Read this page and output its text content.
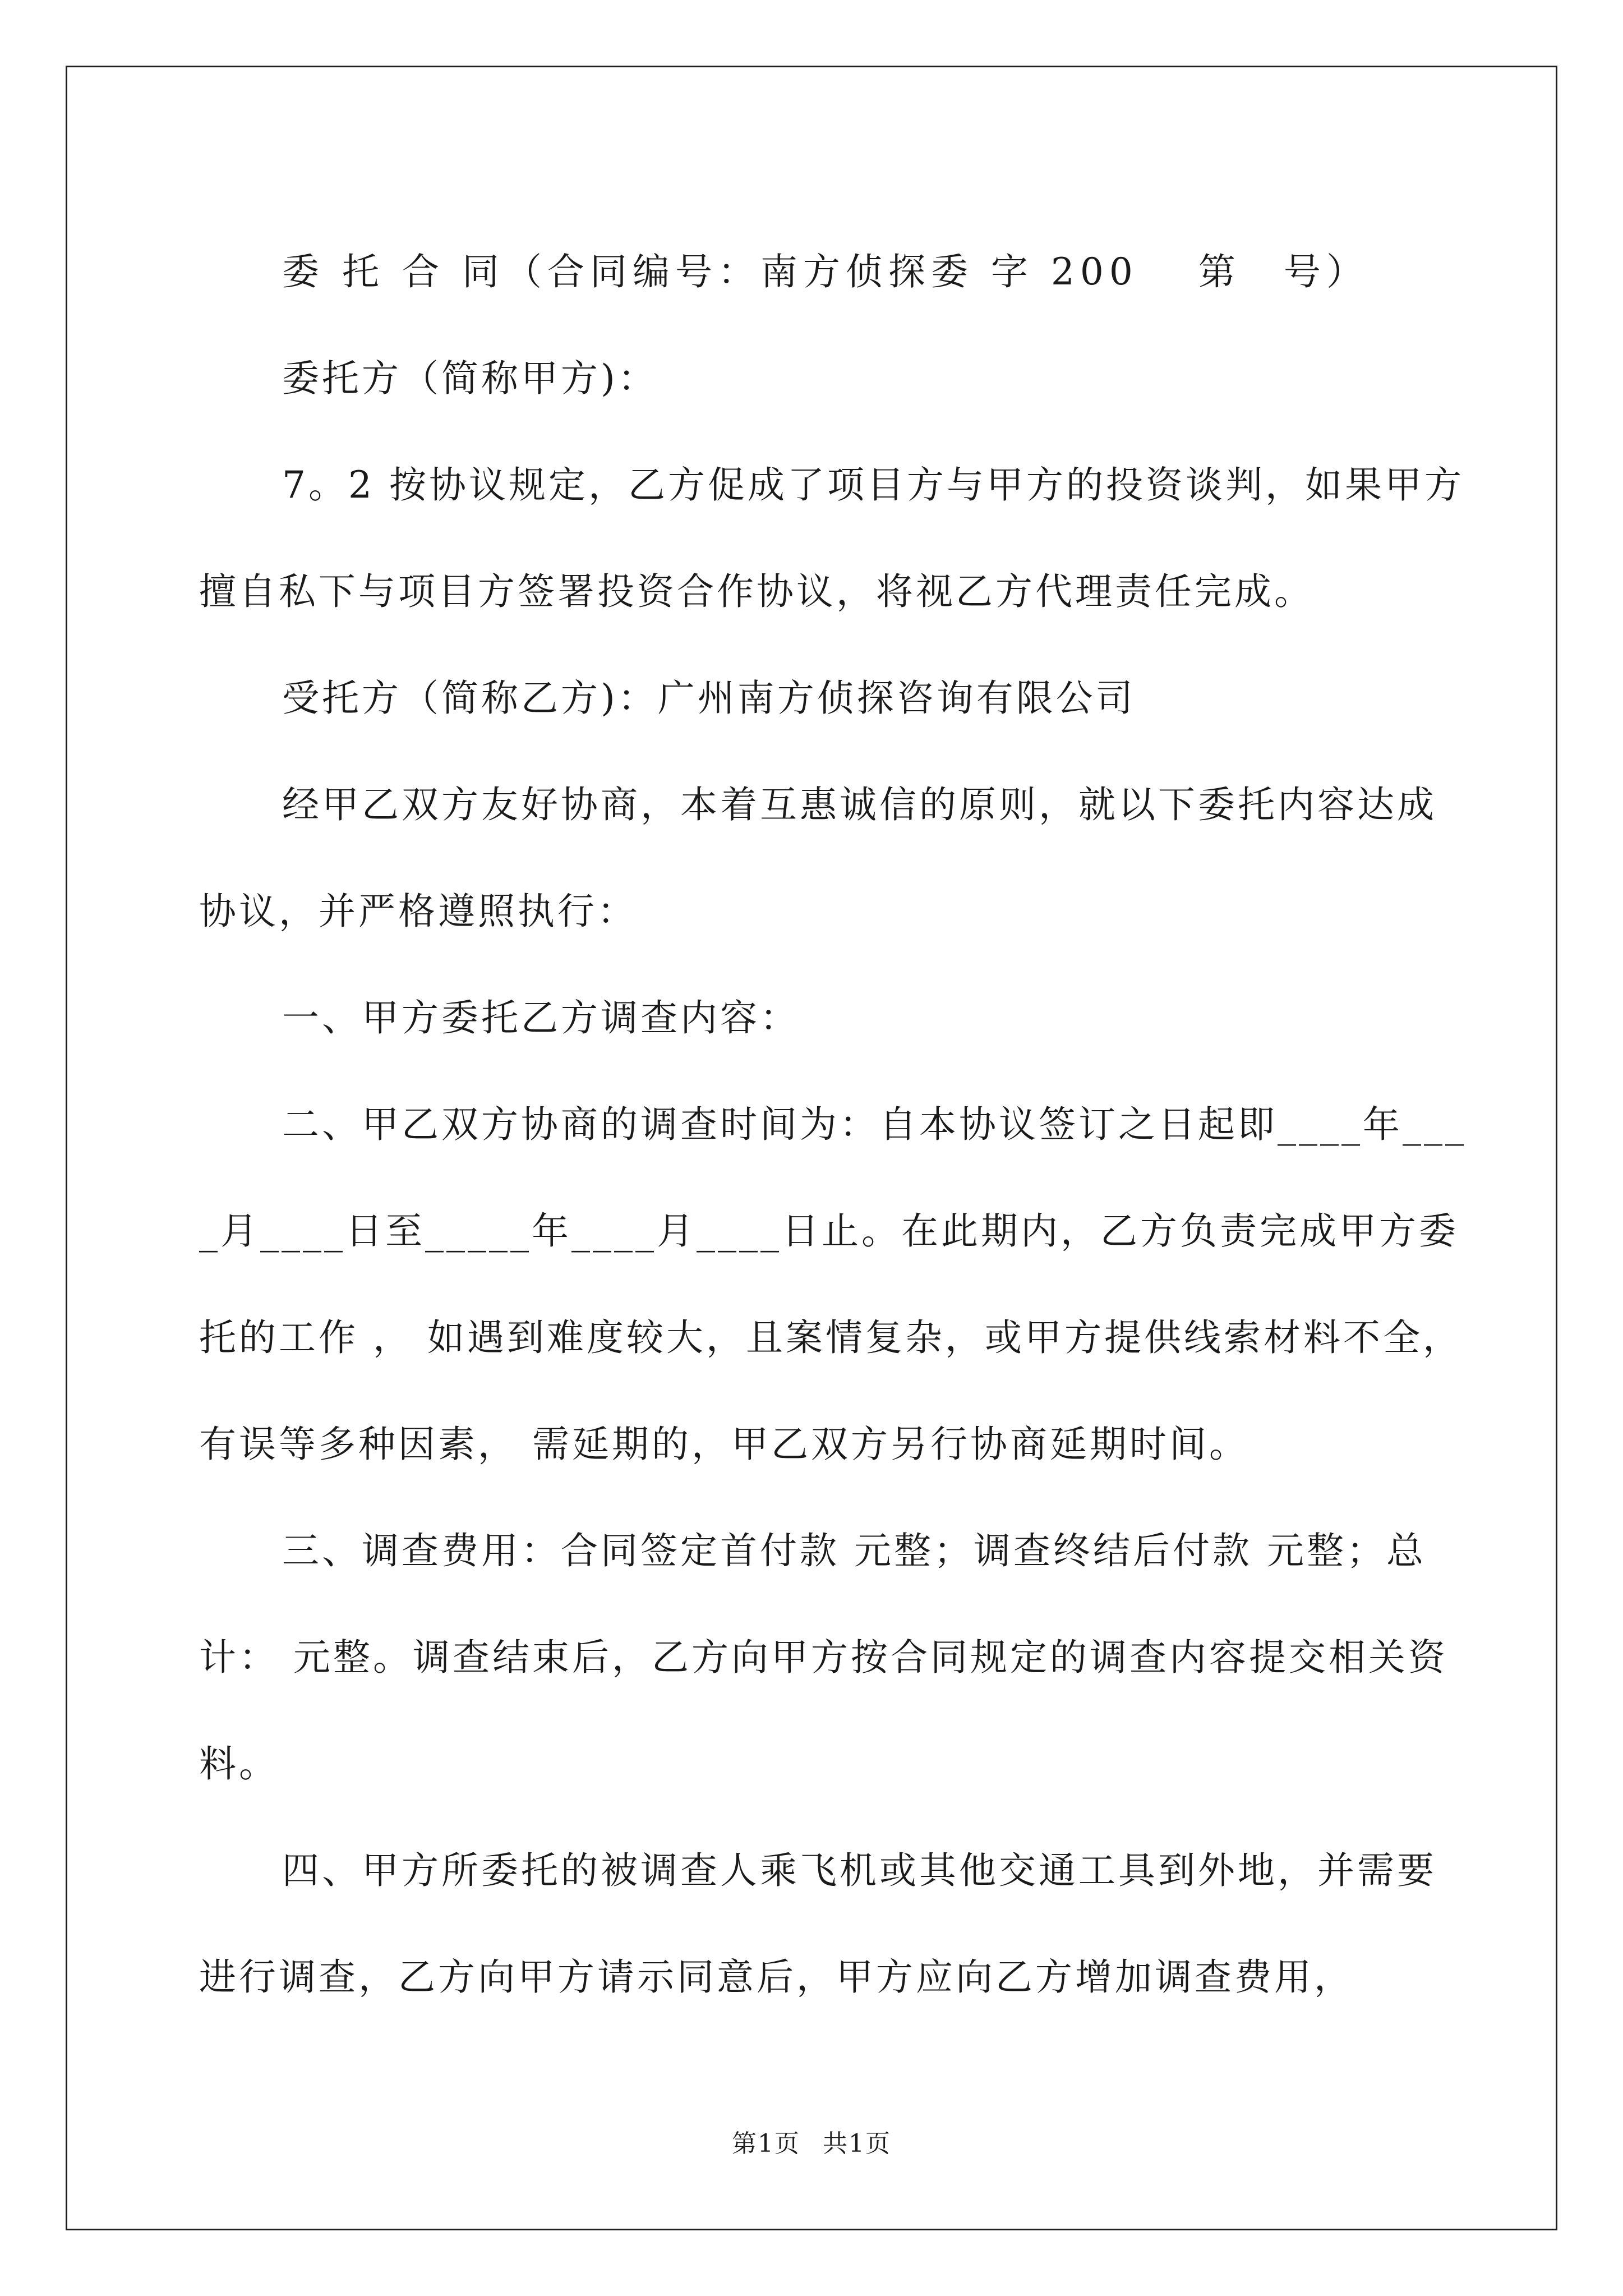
委 托 合 同（合同编号：南方侦探委 字 200　 第　号）

委托方（简称甲方)：

7。2 按协议规定，乙方促成了项目方与甲方的投资谈判，如果甲方擅自私下与项目方签署投资合作协议，将视乙方代理责任完成。

受托方（简称乙方)：广州南方侦探咨询有限公司

经甲乙双方友好协商，本着互惠诚信的原则，就以下委托内容达成协议，并严格遵照执行：

一、甲方委托乙方调查内容：

二、甲乙双方协商的调查时间为：自本协议签订之日起即____年____月____日至_____年____月____日止。在此期内，乙方负责完成甲方委托的工作 ， 如遇到难度较大，且案情复杂，或甲方提供线索材料不全，有误等多种因素， 需延期的，甲乙双方另行协商延期时间。

三、调查费用：合同签定首付款 元整；调查终结后付款 元整；总计： 元整。调查结束后，乙方向甲方按合同规定的调查内容提交相关资料。

四、甲方所委托的被调查人乘飞机或其他交通工具到外地，并需要进行调查，乙方向甲方请示同意后，甲方应向乙方增加调查费用，

第1页 共1页
